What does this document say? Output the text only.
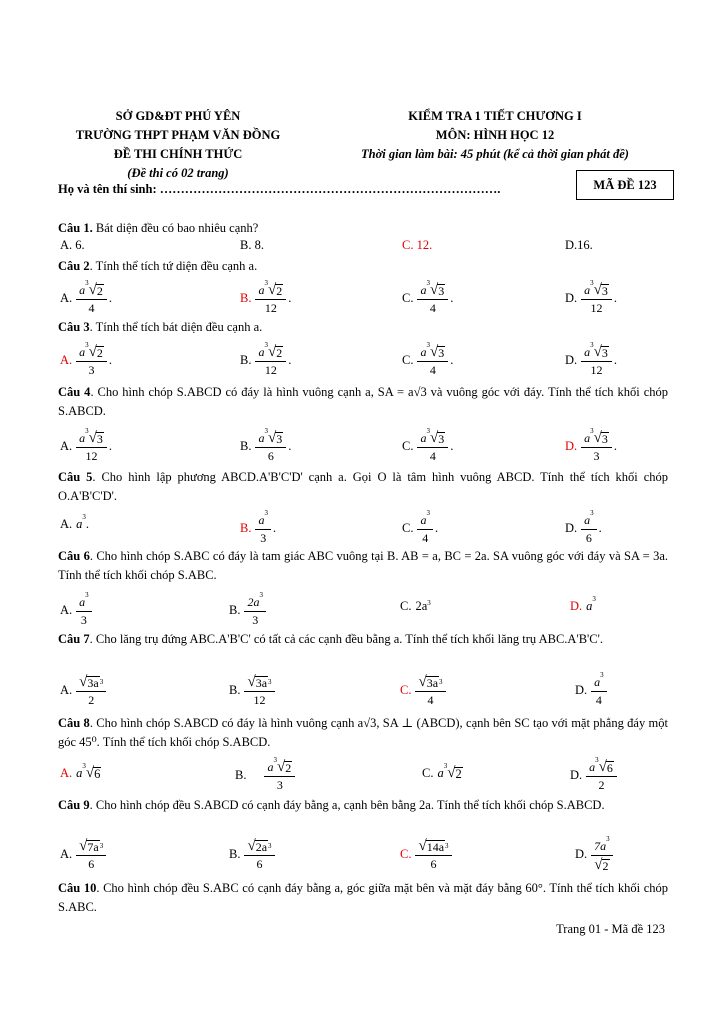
SỞ GD&ĐT PHÚ YÊN
TRƯỜNG THPT PHẠM VĂN ĐỒNG
ĐỀ THI CHÍNH THỨC
(Đề thi có 02 trang)
KIỂM TRA 1 TIẾT CHƯƠNG I
MÔN: HÌNH HỌC 12
Thời gian làm bài: 45 phút (kể cả thời gian phát đề)
MÃ ĐỀ 123
Họ và tên thí sinh: ……………………………………………………………………….
Câu 1. Bát diện đều có bao nhiêu cạnh?
A. 6.	B. 8.	C. 12.	D.16.
Câu 2. Tính thể tích tứ diện đều cạnh a.
A. $\frac{a^3 √ 2}{4}$ .	B. $\frac{a^3 √ 2}{12}$ .	C. $\frac{a^3 √ 3}{4}$ .	D. $\frac{a^3 √ 3}{12}$ .
Câu 3. Tính thể tích bát diện đều cạnh a.
A. $\frac{a^3 √ 2}{3}$ .	B. $\frac{a^3 √ 2}{12}$ .	C. $\frac{a^3 √ 3}{4}$ .	D. $\frac{a^3 √ 3}{12}$ .
Câu 4. Cho hình chóp S.ABCD có đáy là hình vuông cạnh a, SA = a√3 và vuông góc với đáy. Tính thể tích khối chóp S.ABCD.
A. $\frac{a^3 √ 3}{12}$ .	B. $\frac{a^3 √ 3}{6}$ .	C. $\frac{a^3 √ 3}{4}$ .	D. $\frac{a^3 √ 3}{3}$ .
Câu 5. Cho hình lập phương ABCD.A'B'C'D' cạnh a. Gọi O là tâm hình vuông ABCD. Tính thể tích khối chóp O.A'B'C'D'.
A. $a^3$ .	B. $\frac{a^3}{3}$ .	C. $\frac{a^3}{4}$ .	D. $\frac{a^3}{6}$ .
Câu 6. Cho hình chóp S.ABC có đáy là tam giác ABC vuông tại B. AB = a, BC = 2a. SA vuông góc với đáy và SA = 3a. Tính thể tích khối chóp S.ABC.
A. $\frac{a^3}{3}$	B. $\frac{2a^3}{3}$	C. $2a^3$	D. $a^3$
Câu 7. Cho lăng trụ đứng ABC.A'B'C' có tất cả các cạnh đều bằng a. Tính thể tích khối lăng trụ ABC.A'B'C'.
A. $\frac{√ 3a^3}{2}$	B. $\frac{√ 3a^3}{12}$	C. $\frac{√ 3a^3}{4}$	D. $\frac{a^3}{4}$
Câu 8. Cho hình chóp S.ABCD có đáy là hình vuông cạnh a√3, SA ⊥ (ABCD), cạnh bên SC tạo với mặt phẳng đáy một góc 45⁰. Tính thể tích khối chóp S.ABCD.
A. $a^3$ √ 6	B. $\frac{a^3 √ 2}{3}$	C. $a^3$ √ 2	D. $\frac{a^3 √ 6}{2}$
Câu 9. Cho hình chóp đều S.ABCD có cạnh đáy bằng a, cạnh bên bằng 2a. Tính thể tích khối chóp S.ABCD.
A. $\frac{√ 7a^3}{6}$	B. $\frac{√ 2a^3}{6}$	C. $\frac{√ 14a^3}{6}$	D. $\frac{7a^3}{√ 2}$
Câu 10. Cho hình chóp đều S.ABC có cạnh đáy bằng a, góc giữa mặt bên và mặt đáy bằng 60°. Tính thể tích khối chóp S.ABC.
Trang 01 - Mã đề 123
